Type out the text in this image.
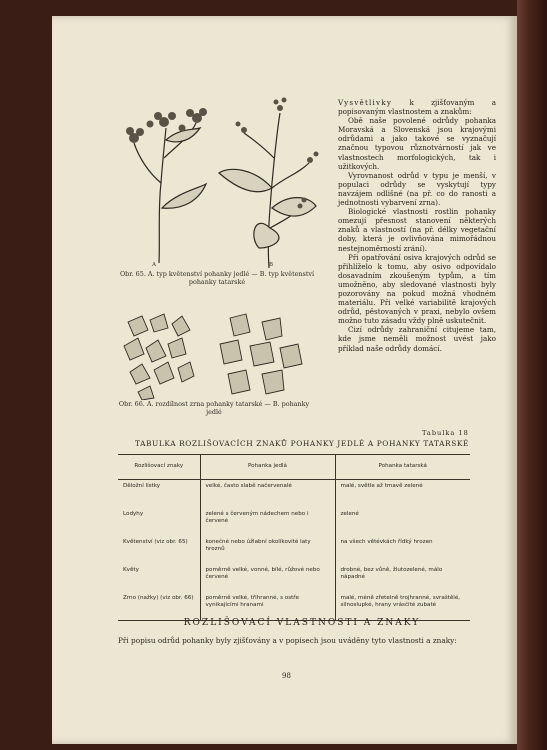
A	B
Obr. 65. A. typ květenství pohanky jedlé — B. typ květenství pohanky tatarské
Obr. 66. A. rozdílnost zrna pohanky tatarské — B. pohanky jedlé

Vysvětlivky k zjišťovaným a popisovaným vlastnostem a znakům:

Obě naše povolené odrůdy pohanka Moravská a Slovenská jsou krajovými odrůdami a jako takové se vyznačují značnou typovou různotvárností jak ve vlastnostech morfologických, tak i užitkových.

Vyrovnanost odrůd v typu je menší, v populaci odrůdy se vyskytují typy navzájem odlišné (na př. co do ranosti a jednotnosti vybarvení zrna).

Biologické vlastnosti rostlin pohanky omezují přesnost stanovení některých znaků a vlastností (na př. délky vegetační doby, která je ovlivňována mimořádnou nestejnoměrností zrání).

Při opatřování osiva krajových odrůd se přihlíželo k tomu, aby osivo odpovídalo dosavadním zkoušeným typům, a tím umožněno, aby sledované vlastnosti byly pozorovány na pokud možná vhodném materiálu. Při velké variabilitě krajových odrůd, pěstovaných v praxi, nebylo ovšem možno tuto zásadu vždy plně uskutečnit.

Cizí odrůdy zahraniční citujeme tam, kde jsme neměli možnost uvést jako příklad naše odrůdy domácí.

Tabulka 18
TABULKA ROZLIŠOVACÍCH ZNAKŮ POHANKY JEDLÉ A POHANKY TATARSKÉ
Rozlišovací znaky	Pohanka jedlá	Pohanka tatarská
Děložní lístky	velké, často slabě načervenalé	malé, světle až tmavě zelené
Lodyhy	zelené s červeným nádechem nebo i červené	zelené
Květenství (viz obr. 65)	konečné nebo úžlabní okolíkovité laty hroznů	na všech větévkách řídký hrozen
Květy	poměrně velké, vonné, bílé, růžové nebo červené	drobné, bez vůně, žlutozelené, málo nápadné
Zrno (nažky) (viz obr. 66)	poměrně velké, třihranné, s ostře vynikajícími hranami	malé, méně zřetelně trojhranné, svraštělé, silnoslupké, hrany vrásčité zubaté
ROZLIŠOVACÍ VLASTNOSTI A ZNAKY
Při popisu odrůd pohanky byly zjišťovány a v popisech jsou uváděny tyto vlastnosti a znaky:
98
